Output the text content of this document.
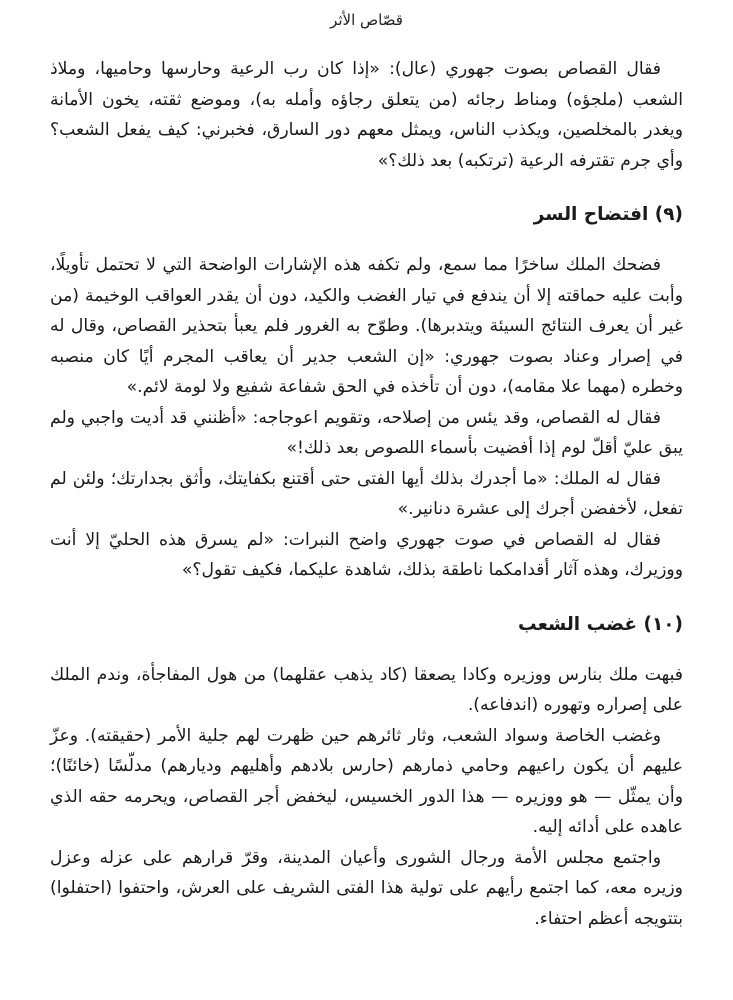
قصّاص الأثر

فقال القصاص بصوت جهوري (عال): «إذا كان رب الرعية وحارسها وحاميها، وملاذ الشعب (ملجؤه) ومناط رجائه (من يتعلق رجاؤه وأمله به)، وموضع ثقته، يخون الأمانة ويغدر بالمخلصين، ويكذب الناس، ويمثل معهم دور السارق، فخبرني: كيف يفعل الشعب؟ وأي جرم تقترفه الرعية (ترتكبه) بعد ذلك؟»

(٩) افتضاح السر

فضحك الملك ساخرًا مما سمع، ولم تكفه هذه الإشارات الواضحة التي لا تحتمل تأويلًا، وأبت عليه حماقته إلا أن يندفع في تيار الغضب والكيد، دون أن يقدر العواقب الوخيمة (من غير أن يعرف النتائج السيئة ويتدبرها). وطوّح به الغرور فلم يعبأ بتحذير القصاص، وقال له في إصرار وعناد بصوت جهوري: «إن الشعب جدير أن يعاقب المجرم أيًا كان منصبه وخطره (مهما علا مقامه)، دون أن تأخذه في الحق شفاعة شفيع ولا لومة لائم.»

فقال له القصاص، وقد يئس من إصلاحه، وتقويم اعوجاجه: «أظنني قد أديت واجبي ولم يبق عليّ أقلّ لوم إذا أفضيت بأسماء اللصوص بعد ذلك!»

فقال له الملك: «ما أجدرك بذلك أيها الفتى حتى أقتنع بكفايتك، وأثق بجدارتك؛ ولئن لم تفعل، لأخفضن أجرك إلى عشرة دنانير.»

فقال له القصاص في صوت جهوري واضح النبرات: «لم يسرق هذه الحليّ إلا أنت ووزيرك، وهذه آثار أقدامكما ناطقة بذلك، شاهدة عليكما، فكيف تقول؟»

(١٠) غضب الشعب

فبهت ملك بنارس ووزيره وكادا يصعقا (كاد يذهب عقلهما) من هول المفاجأة، وندم الملك على إصراره وتهوره (اندفاعه).

وغضب الخاصة وسواد الشعب، وثار ثائرهم حين ظهرت لهم جلية الأمر (حقيقته). وعزّ عليهم أن يكون راعيهم وحامي ذمارهم (حارس بلادهم وأهليهم وديارهم) مدلّسًا (خائنًا)؛ وأن يمثّل — هو ووزيره — هذا الدور الخسيس، ليخفض أجر القصاص، ويحرمه حقه الذي عاهده على أدائه إليه.

واجتمع مجلس الأمة ورجال الشورى وأعيان المدينة، وقرّ قرارهم على عزله وعزل وزيره معه، كما اجتمع رأيهم على تولية هذا الفتى الشريف على العرش، واحتفوا (احتفلوا) بتتويجه أعظم احتفاء.
